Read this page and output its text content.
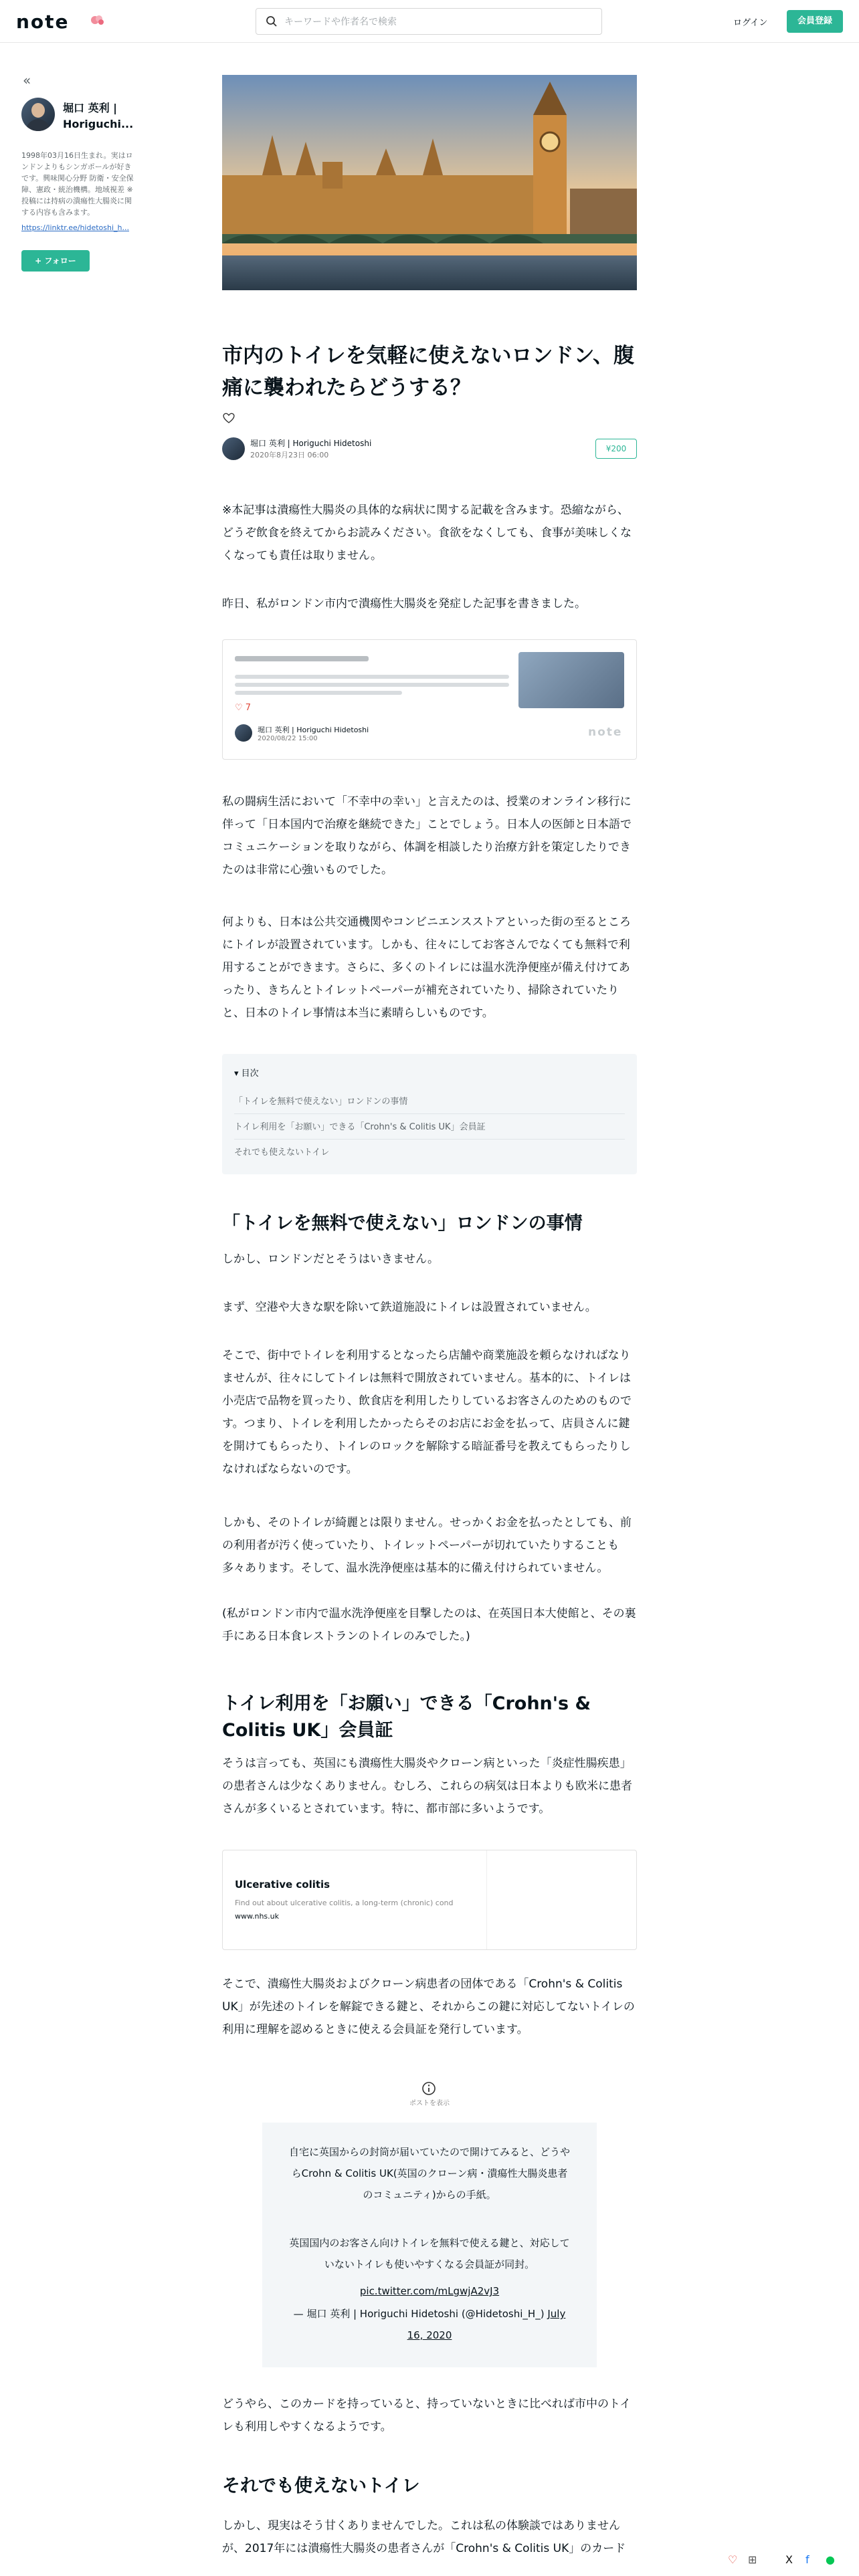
note
キーワードや作者名で検索	ログイン	会員登録
«
堀口 英利 | Horiguchi...
1998年03月16日生まれ。実はロンドンよりもシンガポールが好きです。興味関心分野 防衛・安全保障、憲政・統治機構。地域視差 ※投稿には持病の潰瘍性大腸炎に関する内容も含みます。
https://linktr.ee/hidetoshi_h...
+ フォロー
市内のトイレを気軽に使えないロンドン、腹痛に襲われたらどうする？
堀口 英利 | Horiguchi Hidetoshi
2020年8月23日 06:00
¥200
※本記事は潰瘍性大腸炎の具体的な病状に関する記載を含みます。恐縮ながら、どうぞ飲食を終えてからお読みください。食欲をなくしても、食事が美味しくなくなっても責任は取りません。
昨日、私がロンドン市内で潰瘍性大腸炎を発症した記事を書きました。
♡ 7
堀口 英利 | Horiguchi Hidetoshi
2020/08/22 15:00	note
私の闘病生活において「不幸中の幸い」と言えたのは、授業のオンライン移行に伴って「日本国内で治療を継続できた」ことでしょう。日本人の医師と日本語でコミュニケーションを取りながら、体調を相談したり治療方針を策定したりできたのは非常に心強いものでした。
何よりも、日本は公共交通機関やコンビニエンスストアといった街の至るところにトイレが設置されています。しかも、往々にしてお客さんでなくても無料で利用することができます。さらに、多くのトイレには温水洗浄便座が備え付けてあったり、きちんとトイレットペーパーが補充されていたり、掃除されていたりと、日本のトイレ事情は本当に素晴らしいものです。
▾ 目次
「トイレを無料で使えない」ロンドンの事情
トイレ利用を「お願い」できる「Crohn's & Colitis UK」会員証
それでも使えないトイレ
「トイレを無料で使えない」ロンドンの事情
しかし、ロンドンだとそうはいきません。
まず、空港や大きな駅を除いて鉄道施設にトイレは設置されていません。
そこで、街中でトイレを利用するとなったら店舗や商業施設を頼らなければなりませんが、往々にしてトイレは無料で開放されていません。基本的に、トイレは小売店で品物を買ったり、飲食店を利用したりしているお客さんのためのものです。つまり、トイレを利用したかったらそのお店にお金を払って、店員さんに鍵を開けてもらったり、トイレのロックを解除する暗証番号を教えてもらったりしなければならないのです。
しかも、そのトイレが綺麗とは限りません。せっかくお金を払ったとしても、前の利用者が汚く使っていたり、トイレットペーパーが切れていたりすることも多々あります。そして、温水洗浄便座は基本的に備え付けられていません。
(私がロンドン市内で温水洗浄便座を目撃したのは、在英国日本大使館と、その裏手にある日本食レストランのトイレのみでした。)
トイレ利用を「お願い」できる「Crohn's & Colitis UK」会員証
そうは言っても、英国にも潰瘍性大腸炎やクローン病といった「炎症性腸疾患」の患者さんは少なくありません。むしろ、これらの病気は日本よりも欧米に患者さんが多くいるとされています。特に、都市部に多いようです。
Ulcerative colitis
Find out about ulcerative colitis, a long-term (chronic) cond
www.nhs.uk
そこで、潰瘍性大腸炎およびクローン病患者の団体である「Crohn's & Colitis UK」が先述のトイレを解錠できる鍵と、それからこの鍵に対応してないトイレの利用に理解を認めるときに使える会員証を発行しています。
ポストを表示
自宅に英国からの封筒が届いていたので開けてみると、どうやらCrohn & Colitis UK(英国のクローン病・潰瘍性大腸炎患者のコミュニティ)からの手紙。
英国国内のお客さん向けトイレを無料で使える鍵と、対応していないトイレも使いやすくなる会員証が同封。
pic.twitter.com/mLgwjA2vJ3
— 堀口 英利 | Horiguchi Hidetoshi (@Hidetoshi_H_) July 16, 2020
どうやら、このカードを持っていると、持っていないときに比べれば市中のトイレも利用しやすくなるようです。
それでも使えないトイレ
しかし、現実はそう甘くありませんでした。これは私の体験談ではありませんが、2017年には潰瘍性大腸炎の患者さんが「Crohn's & Colitis UK」のカード
♡ ⊞	X f ●
